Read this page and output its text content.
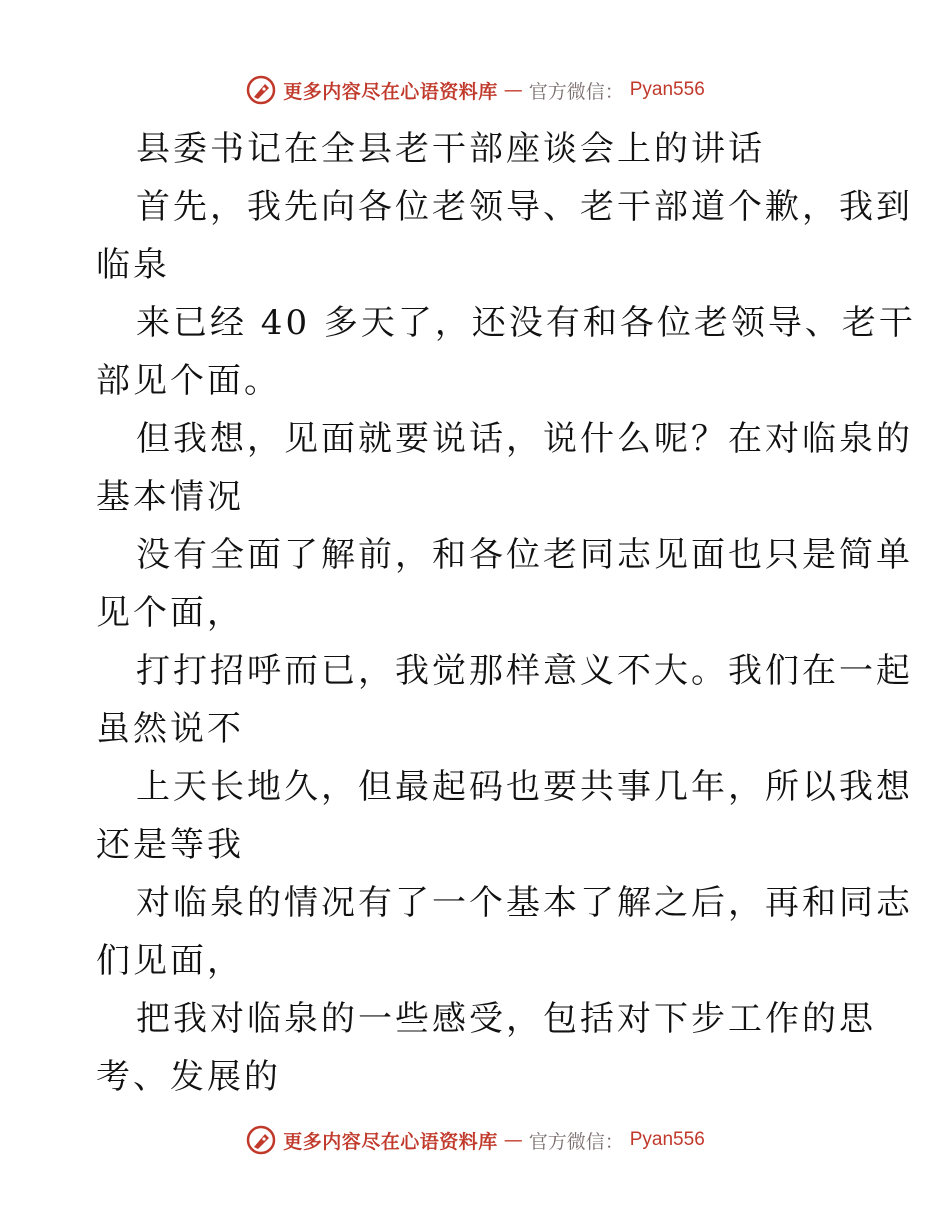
更多内容尽在心语资料库 — 官方微信： Pyan556
县委书记在全县老干部座谈会上的讲话
首先，我先向各位老领导、老干部道个歉，我到
临泉
来已经 40 多天了，还没有和各位老领导、老干
部见个面。
但我想，见面就要说话，说什么呢？在对临泉的
基本情况
没有全面了解前，和各位老同志见面也只是简单
见个面，
打打招呼而已，我觉那样意义不大。我们在一起
虽然说不
上天长地久，但最起码也要共事几年，所以我想
还是等我
对临泉的情况有了一个基本了解之后，再和同志
们见面，
把我对临泉的一些感受，包括对下步工作的思
考、发展的
更多内容尽在心语资料库 — 官方微信： Pyan556
